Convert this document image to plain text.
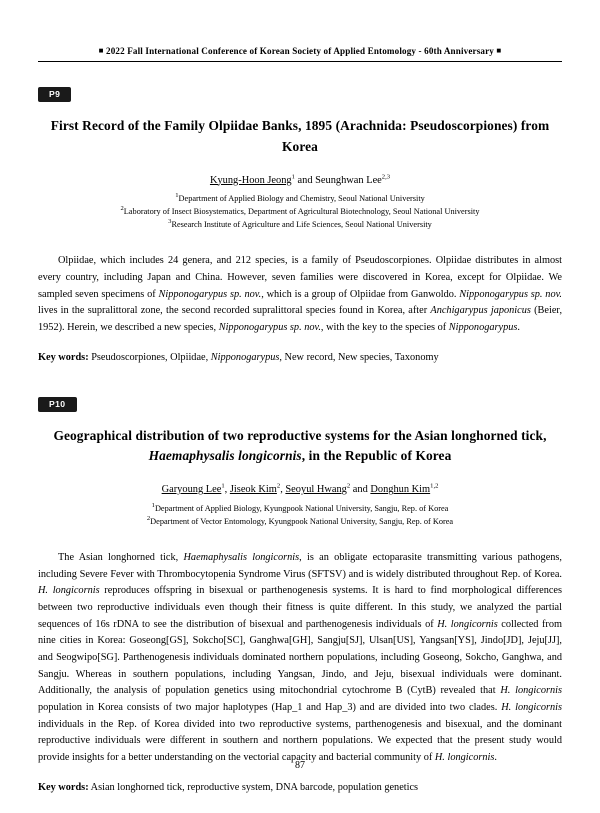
■ 2022 Fall International Conference of Korean Society of Applied Entomology - 60th Anniversary ■
P9
First Record of the Family Olpiidae Banks, 1895 (Arachnida: Pseudoscorpiones) from Korea
Kyung-Hoon Jeong$^1$ and Seunghwan Lee$^{2,3}$
$^1$Department of Applied Biology and Chemistry, Seoul National University
$^2$Laboratory of Insect Biosystematics, Department of Agricultural Biotechnology, Seoul National University
$^3$Research Institute of Agriculture and Life Sciences, Seoul National University

Olpiidae, which includes 24 genera, and 212 species, is a family of Pseudoscorpiones. Olpiidae distributes in almost every country, including Japan and China. However, seven families were discovered in Korea, except for Olpiidae. We sampled seven specimens of Nipponogarypus sp. nov., which is a group of Olpiidae from Ganwoldo. Nipponogarypus sp. nov. lives in the supralittoral zone, the second recorded supralittoral species found in Korea, after Anchigarypus japonicus (Beier, 1952). Herein, we described a new species, Nipponogarypus sp. nov., with the key to the species of Nipponogarypus.

Key words: Pseudoscorpiones, Olpiidae, Nipponogarypus, New record, New species, Taxonomy
P10
Geographical distribution of two reproductive systems for the Asian longhorned tick, Haemaphysalis longicornis, in the Republic of Korea
Garyoung Lee$^1$, Jiseok Kim$^2$, Seoyul Hwang$^2$ and Donghun Kim$^{1,2}$
$^1$Department of Applied Biology, Kyungpook National University, Sangju, Rep. of Korea
$^2$Department of Vector Entomology, Kyungpook National University, Sangju, Rep. of Korea

The Asian longhorned tick, Haemaphysalis longicornis, is an obligate ectoparasite transmitting various pathogens, including Severe Fever with Thrombocytopenia Syndrome Virus (SFTSV) and is widely distributed throughout Rep. of Korea. H. longicornis reproduces offspring in bisexual or parthenogenesis systems. It is hard to find morphological differences between two reproductive individuals even though their fitness is quite different. In this study, we analyzed the partial sequences of 16s rDNA to see the distribution of bisexual and parthenogenesis individuals of H. longicornis collected from nine cities in Korea: Goseong[GS], Sokcho[SC], Ganghwa[GH], Sangju[SJ], Ulsan[US], Yangsan[YS], Jindo[JD], Jeju[JJ], and Seogwipo[SG]. Parthenogenesis individuals dominated northern populations, including Goseong, Sokcho, Ganghwa, and Sangju. Whereas in southern populations, including Yangsan, Jindo, and Jeju, bisexual individuals were dominant. Additionally, the analysis of population genetics using mitochondrial cytochrome B (CytB) revealed that H. longicornis population in Korea consists of two major haplotypes (Hap_1 and Hap_3) and are divided into two clades. H. longicornis individuals in the Rep. of Korea divided into two reproductive systems, parthenogenesis and bisexual, and the dominant reproductive individuals were different in southern and northern populations. We expected that the present study would provide insights for a better understanding on the vectorial capacity and bacterial community of H. longicornis.

Key words: Asian longhorned tick, reproductive system, DNA barcode, population genetics
87
